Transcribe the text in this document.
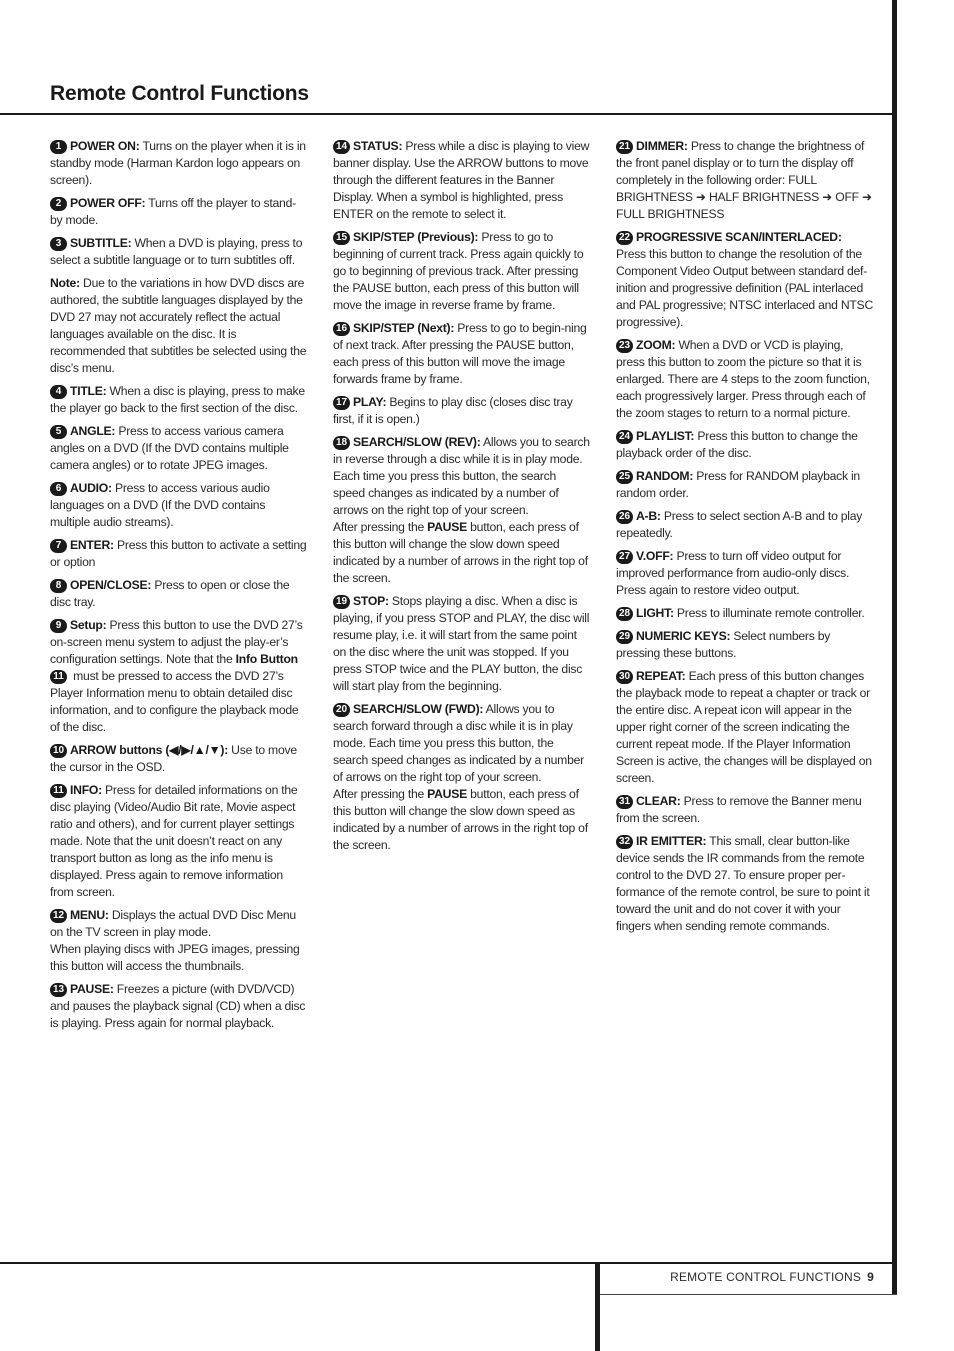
Remote Control Functions

1 POWER ON: Turns on the player when it is in standby mode (Harman Kardon logo appears on screen).

2 POWER OFF: Turns off the player to stand-by mode.

3 SUBTITLE: When a DVD is playing, press to select a subtitle language or to turn subtitles off.

Note: Due to the variations in how DVD discs are authored, the subtitle languages displayed by the DVD 27 may not accurately reflect the actual languages available on the disc. It is recommended that subtitles be selected using the disc’s menu.

4 TITLE: When a disc is playing, press to make the player go back to the first section of the disc.

5 ANGLE: Press to access various camera angles on a DVD (If the DVD contains multiple camera angles) or to rotate JPEG images.

6 AUDIO: Press to access various audio languages on a DVD (If the DVD contains multiple audio streams).

7 ENTER: Press this button to activate a setting or option

8 OPEN/CLOSE: Press to open or close the disc tray.

9 Setup: Press this button to use the DVD 27’s on-screen menu system to adjust the play-er’s configuration settings. Note that the Info Button 11 must be pressed to access the DVD 27’s Player Information menu to obtain detailed disc information, and to configure the playback mode of the disc.

10 ARROW buttons (◀/▶/▲/▼): Use to move the cursor in the OSD.

11 INFO: Press for detailed informations on the disc playing (Video/Audio Bit rate, Movie aspect ratio and others), and for current player settings made. Note that the unit doesn’t react on any transport button as long as the info menu is displayed. Press again to remove information from screen.

12 MENU: Displays the actual DVD Disc Menu on the TV screen in play mode.
When playing discs with JPEG images, pressing this button will access the thumbnails.

13 PAUSE: Freezes a picture (with DVD/VCD) and pauses the playback signal (CD) when a disc is playing. Press again for normal playback.

14 STATUS: Press while a disc is playing to view banner display. Use the ARROW buttons to move through the different features in the Banner Display. When a symbol is highlighted, press ENTER on the remote to select it.

15 SKIP/STEP (Previous): Press to go to beginning of current track. Press again quickly to go to beginning of previous track. After pressing the PAUSE button, each press of this button will move the image in reverse frame by frame.

16 SKIP/STEP (Next): Press to go to begin-ning of next track. After pressing the PAUSE button, each press of this button will move the image forwards frame by frame.

17 PLAY: Begins to play disc (closes disc tray first, if it is open.)

18 SEARCH/SLOW (REV): Allows you to search in reverse through a disc while it is in play mode. Each time you press this button, the search speed changes as indicated by a number of arrows on the right top of your screen.
After pressing the PAUSE button, each press of this button will change the slow down speed indicated by a number of arrows in the right top of the screen.

19 STOP: Stops playing a disc. When a disc is playing, if you press STOP and PLAY, the disc will resume play, i.e. it will start from the same point on the disc where the unit was stopped. If you press STOP twice and the PLAY button, the disc will start play from the beginning.

20 SEARCH/SLOW (FWD): Allows you to search forward through a disc while it is in play mode. Each time you press this button, the search speed changes as indicated by a number of arrows on the right top of your screen.
After pressing the PAUSE button, each press of this button will change the slow down speed as indicated by a number of arrows in the right top of the screen.

21 DIMMER: Press to change the brightness of the front panel display or to turn the display off completely in the following order: FULL BRIGHTNESS ➜ HALF BRIGHTNESS ➜ OFF ➜ FULL BRIGHTNESS

22 PROGRESSIVE SCAN/INTERLACED: Press this button to change the resolution of the Component Video Output between standard def-inition and progressive definition (PAL interlaced and PAL progressive; NTSC interlaced and NTSC progressive).

23 ZOOM: When a DVD or VCD is playing, press this button to zoom the picture so that it is enlarged. There are 4 steps to the zoom function, each progressively larger. Press through each of the zoom stages to return to a normal picture.

24 PLAYLIST: Press this button to change the playback order of the disc.

25 RANDOM: Press for RANDOM playback in random order.

26 A-B: Press to select section A-B and to play repeatedly.

27 V.OFF: Press to turn off video output for improved performance from audio-only discs. Press again to restore video output.

28 LIGHT: Press to illuminate remote controller.

29 NUMERIC KEYS: Select numbers by pressing these buttons.

30 REPEAT: Each press of this button changes the playback mode to repeat a chapter or track or the entire disc. A repeat icon will appear in the upper right corner of the screen indicating the current repeat mode. If the Player Information Screen is active, the changes will be displayed on screen.

31 CLEAR: Press to remove the Banner menu from the screen.

32 IR EMITTER: This small, clear button-like device sends the IR commands from the remote control to the DVD 27. To ensure proper per-formance of the remote control, be sure to point it toward the unit and do not cover it with your fingers when sending remote commands.

REMOTE CONTROL FUNCTIONS 9
